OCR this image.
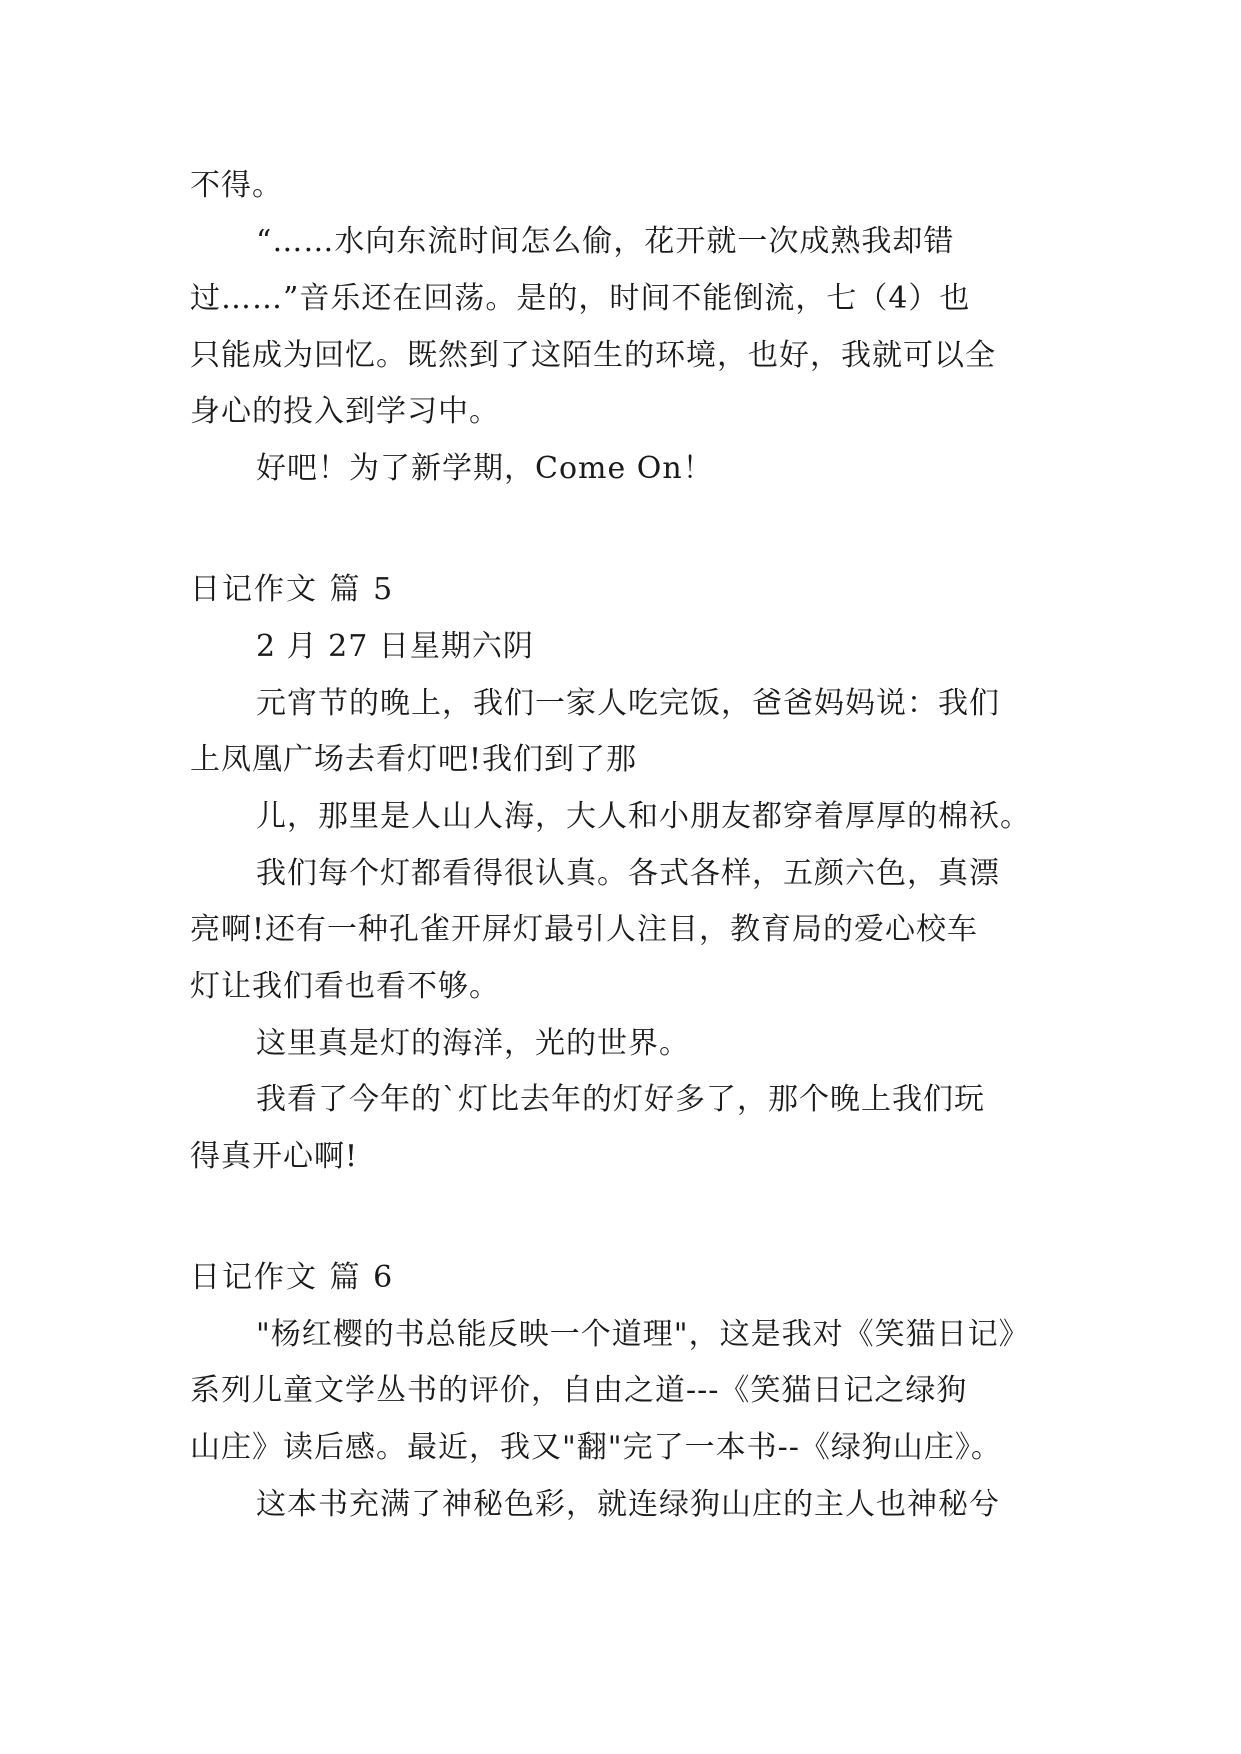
不得。
“……水向东流时间怎么偷，花开就一次成熟我却错
过……”音乐还在回荡。是的，时间不能倒流，七（4）也
只能成为回忆。既然到了这陌生的环境，也好，我就可以全
身心的投入到学习中。
好吧！为了新学期，Come On！
日记作文 篇 5
2 月 27 日星期六阴
元宵节的晚上，我们一家人吃完饭，爸爸妈妈说：我们
上凤凰广场去看灯吧!我们到了那
儿，那里是人山人海，大人和小朋友都穿着厚厚的棉袄。
我们每个灯都看得很认真。各式各样，五颜六色，真漂
亮啊!还有一种孔雀开屏灯最引人注目，教育局的爱心校车
灯让我们看也看不够。
这里真是灯的海洋，光的世界。
我看了今年的`灯比去年的灯好多了，那个晚上我们玩
得真开心啊!
日记作文 篇 6
"杨红樱的书总能反映一个道理"，这是我对《笑猫日记》
系列儿童文学丛书的评价，自由之道---《笑猫日记之绿狗
山庄》读后感。最近，我又"翻"完了一本书--《绿狗山庄》。
这本书充满了神秘色彩，就连绿狗山庄的主人也神秘兮
